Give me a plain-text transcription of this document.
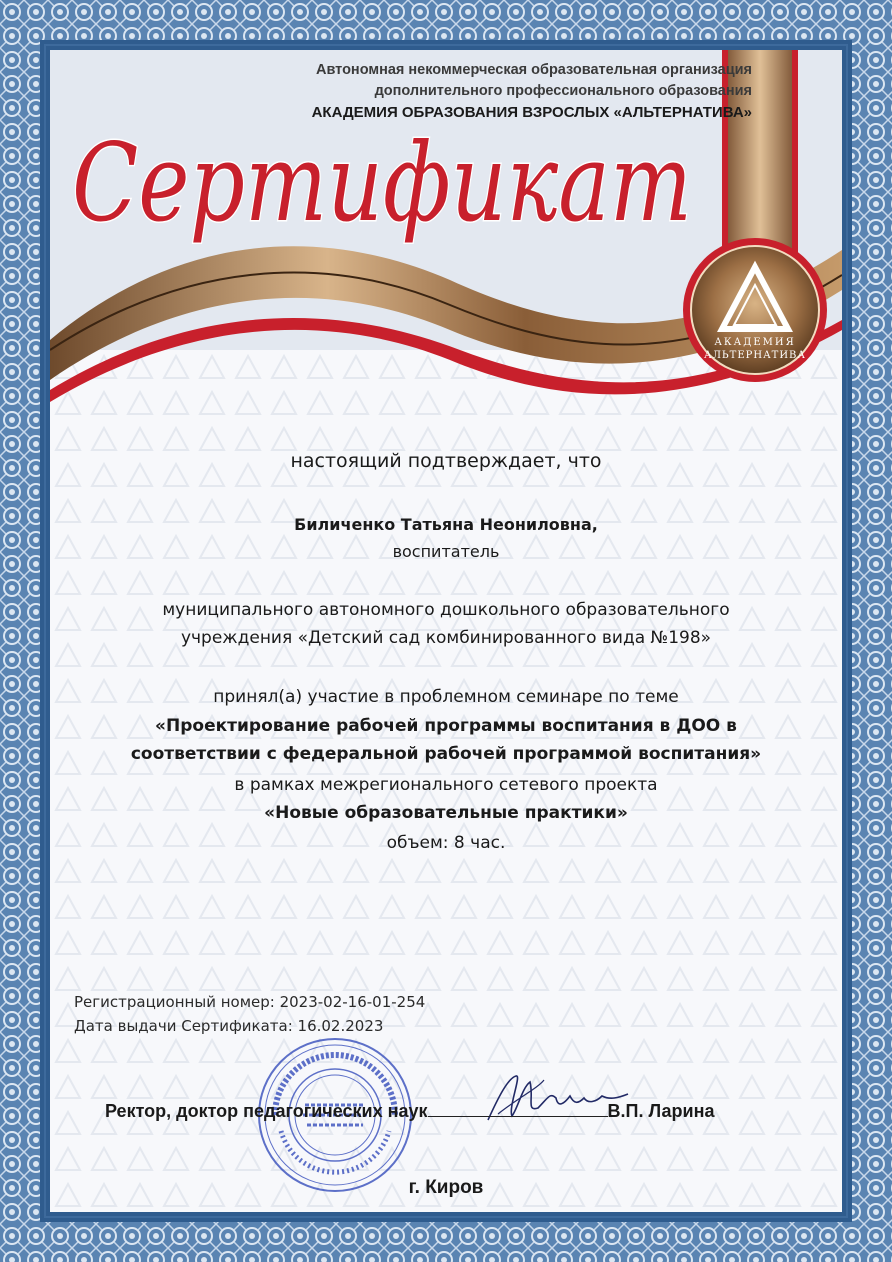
Автономная некоммерческая образовательная организация
дополнительного профессионального образования
АКАДЕМИЯ ОБРАЗОВАНИЯ ВЗРОСЛЫХ «АЛЬТЕРНАТИВА»
Сертификат
АКАДЕМИЯ
АЛЬТЕРНАТИВА
настоящий подтверждает, что
Биличенко Татьяна Неониловна,
воспитатель
муниципального автономного дошкольного образовательного
учреждения «Детский сад комбинированного вида №198»
принял(а) участие в проблемном семинаре по теме
«Проектирование рабочей программы воспитания в ДОО в
соответствии с федеральной рабочей программой воспитания»
в рамках межрегионального сетевого проекта
«Новые образовательные практики»
объем: 8 час.
Регистрационный номер: 2023-02-16-01-254
Дата выдачи Сертификата: 16.02.2023
Ректор, доктор педагогических наук	В.П. Ларина
г. Киров
